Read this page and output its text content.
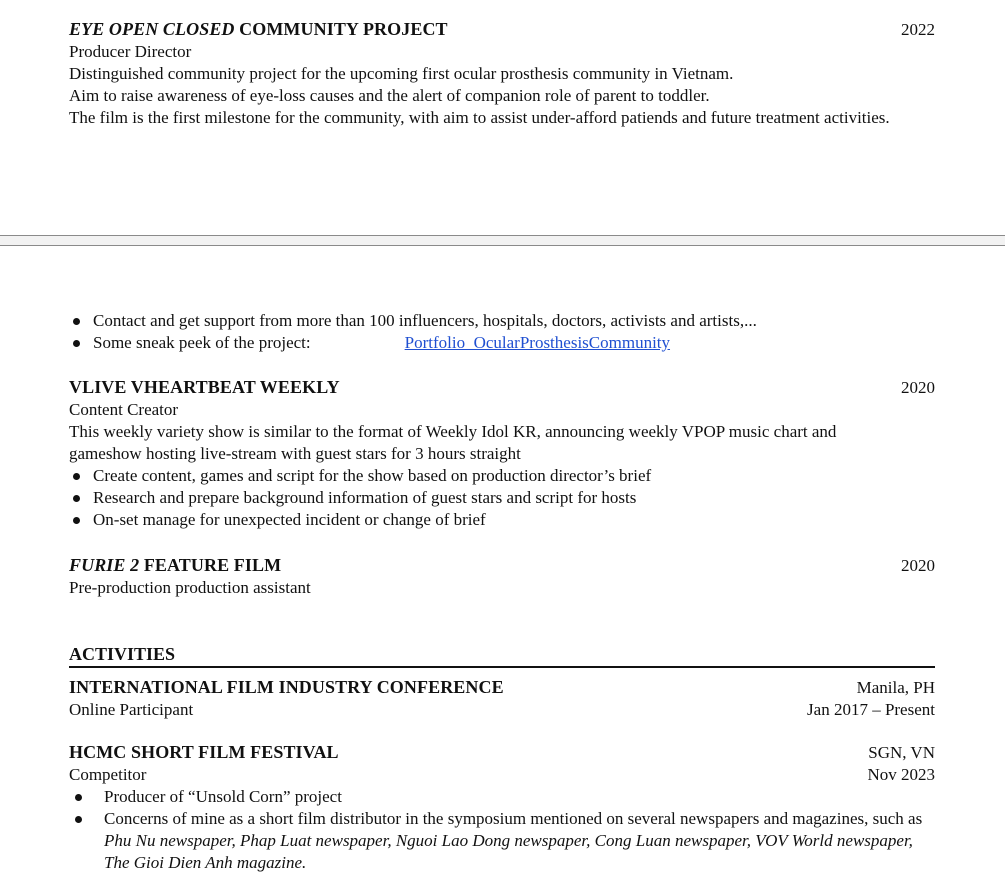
EYE OPEN CLOSED COMMUNITY PROJECT	2022

Producer Director

Distinguished community project for the upcoming first ocular prosthesis community in Vietnam.

Aim to raise awareness of eye-loss causes and the alert of companion role of parent to toddler.

The film is the first milestone for the community, with aim to assist under-afford patiends and future treatment activities.

Contact and get support from more than 100 influencers, hospitals, doctors, activists and artists,...
Some sneak peek of the project:	Portfolio_OcularProsthesisCommunity
VLIVE VHEARTBEAT WEEKLY	2020

Content Creator

This weekly variety show is similar to the format of Weekly Idol KR, announcing weekly VPOP music chart and gameshow hosting live-stream with guest stars for 3 hours straight

Create content, games and script for the show based on production director’s brief
Research and prepare background information of guest stars and script for hosts
On-set manage for unexpected incident or change of brief
FURIE 2 FEATURE FILM	2020

Pre-production production assistant

ACTIVITIES
INTERNATIONAL FILM INDUSTRY CONFERENCE	Manila, PH
Online Participant	Jan 2017 – Present
HCMC SHORT FILM FESTIVAL	SGN, VN
Competitor	Nov 2023
Producer of “Unsold Corn” project
Concerns of mine as a short film distributor in the symposium mentioned on several newspapers and magazines, such as Phu Nu newspaper, Phap Luat newspaper, Nguoi Lao Dong newspaper, Cong Luan newspaper, VOV World newspaper, The Gioi Dien Anh magazine.
